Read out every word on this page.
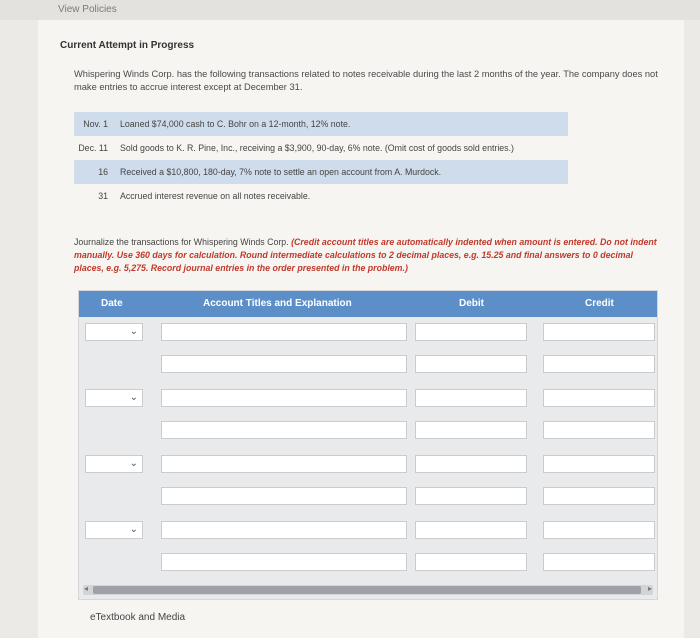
View Policies
Current Attempt in Progress
Whispering Winds Corp. has the following transactions related to notes receivable during the last 2 months of the year. The company does not make entries to accrue interest except at December 31.
Nov. 1	Loaned $74,000 cash to C. Bohr on a 12-month, 12% note.
Dec. 11	Sold goods to K. R. Pine, Inc., receiving a $3,900, 90-day, 6% note. (Omit cost of goods sold entries.)
16	Received a $10,800, 180-day, 7% note to settle an open account from A. Murdock.
31	Accrued interest revenue on all notes receivable.
Journalize the transactions for Whispering Winds Corp. (Credit account titles are automatically indented when amount is entered. Do not indent manually. Use 360 days for calculation. Round intermediate calculations to 2 decimal places, e.g. 15.25 and final answers to 0 decimal places, e.g. 5,275. Record journal entries in the order presented in the problem.)
Date	Account Titles and Explanation	Debit	Credit
⌄
⌄
⌄
⌄
◂	▸
eTextbook and Media
